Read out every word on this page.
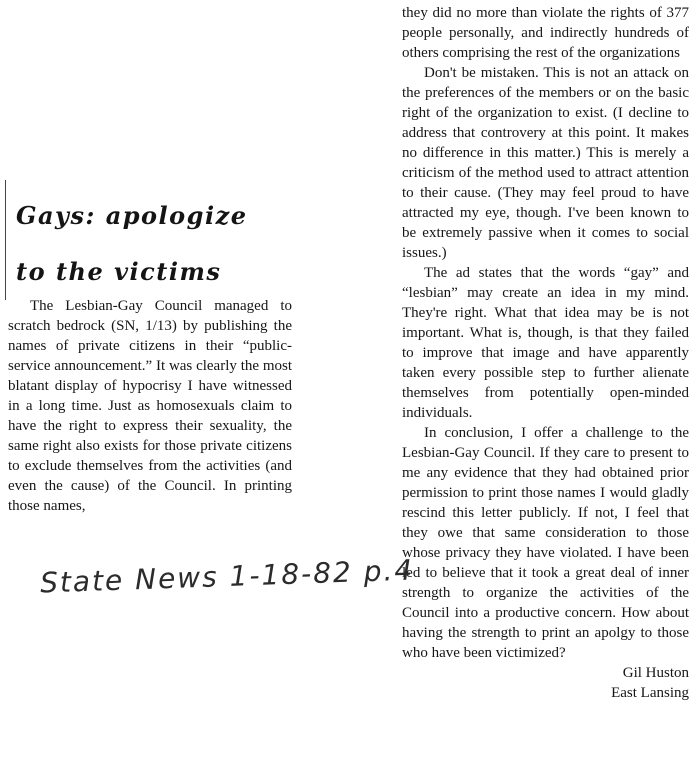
Gays: apologize
to the victims

The Lesbian-Gay Council managed to scratch bedrock (SN, 1/13) by publishing the names of private citizens in their “public-service announcement.” It was clearly the most blatant display of hypocrisy I have witnessed in a long time. Just as homosexuals claim to have the right to express their sexuality, the same right also exists for those private citizens to exclude themselves from the activities (and even the cause) of the Council. In printing those names,

they did no more than violate the rights of 377 people personally, and indirectly hundreds of others comprising the rest of the organizations

Don't be mistaken. This is not an attack on the preferences of the members or on the basic right of the organization to exist. (I decline to address that controvery at this point. It makes no difference in this matter.) This is merely a criticism of the method used to attract attention to their cause. (They may feel proud to have attracted my eye, though. I've been known to be extremely passive when it comes to social issues.)

The ad states that the words “gay” and “lesbian” may create an idea in my mind. They're right. What that idea may be is not important. What is, though, is that they failed to improve that image and have apparently taken every possible step to further alienate themselves from potentially open-minded individuals.

In conclusion, I offer a challenge to the Lesbian-Gay Council. If they care to present to me any evidence that they had obtained prior permission to print those names I would gladly rescind this letter publicly. If not, I feel that they owe that same consideration to those whose privacy they have violated. I have been led to believe that it took a great deal of inner strength to organize the activities of the Council into a productive concern. How about having the strength to print an apolgy to those who have been victimized?

Gil Huston
East Lansing
State News 1-18-82 p.4
